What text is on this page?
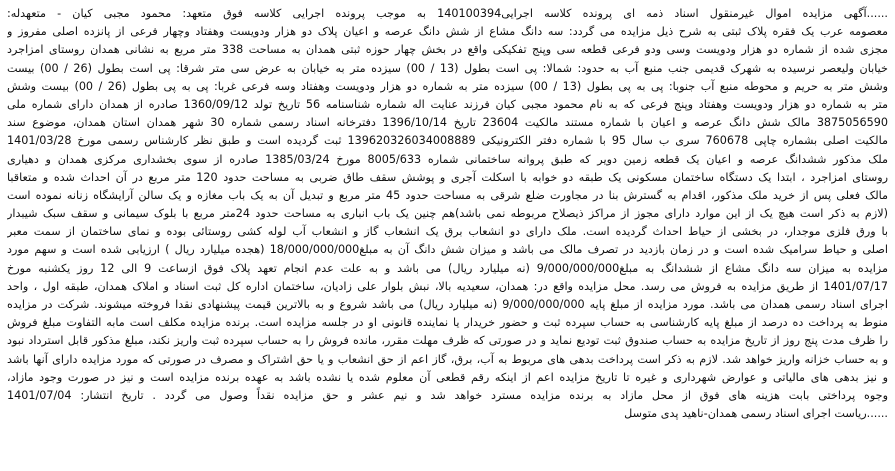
......آگهی مزایده اموال غیرمنقول اسناد ذمه ای پرونده کلاسه اجرایی140100394 به موجب پرونده اجرایی کلاسه فوق متعهد: محمود مجبی کیان - متعهدله:
معصومه عرب یک فقره پلاک ثبتی به شرح ذیل مزایده می گردد: سه دانگ مشاع از شش دانگ عرصه و اعیان پلاک دو هزار ودویست وهفتاد وچهار فرعی از پانزده اصلی مفروز و
مجزی شده از شماره دو هزار ودویست وسی ودو فرعی قطعه سی وپنج تفکیکی واقع در بخش چهار حوزه ثبتی همدان به مساحت 338 متر مربع به نشانی همدان روستای امزاجرد
خیابان ولیعصر نرسیده به شهرک قدیمی جنب منبع آب به حدود: شمالا: پی است بطول (13 / 00) سیزده متر به خیابان به عرض سی متر شرقا: پی است بطول (26 / 00) بیست
وشش متر به حریم و محوطه منبع آب جنوبا: پی به پی بطول (13 / 00) سیزده متر به شماره دو هزار ودویست وهفتاد وسه فرعی غربا: پی به پی بطول (26 / 00) بیست وشش
متر به شماره دو هزار ودویست وهفتاد وپنج فرعی که به نام محمود مجبی کیان فرزند عنایت اله شماره شناسنامه 56 تاریخ تولد 1360/09/12 صادره از همدان دارای شماره ملی
3875056590 مالک شش دانگ عرصه و اعیان با شماره مستند مالکیت 23604 تاریخ 1396/10/14 دفترخانه اسناد رسمی شماره 30 شهر همدان استان همدان، موضوع سند
مالکیت اصلی بشماره چاپی 760678 سری ب سال 95 با شماره دفتر الکترونیکی 139620326034008889 ثبت گردیده است و طبق نظر کارشناس رسمی مورخ 1401/03/28
ملک مذکور ششدانگ عرصه و اعیان یک قطعه زمین دویر که طبق پروانه ساختمانی شماره 8005/633 مورخ 1385/03/24 صادره از سوی بخشداری مرکزی همدان و دهیاری
روستای امزاجرد ، ابتدا یک دستگاه ساختمان مسکونی یک طبقه دو خوابه با اسکلت آجری و پوشش سقف طاق ضربی به مساحت حدود 120 متر مربع در آن احداث شده و متعاقبا
مالک فعلی پس از خرید ملک مذکور، اقدام به گسترش بنا در مجاورت ضلع شرقی به مساحت حدود 45 متر مربع و تبدیل آن به یک باب مغازه و یک سالن آرایشگاه زنانه نموده است
(لازم به ذکر است هیچ یک از این موارد دارای مجوز از مراکز ذیصلاح مربوطه نمی باشد)هم چنین یک باب انباری به مساحت حدود 24متر مربع با بلوک سیمانی و سقف سبک شیبدار
با ورق فلزی موجدار، در بخشی از حیاط احداث گردیده است. ملک دارای دو انشعاب برق یک انشعاب گاز و انشعاب آب لوله کشی روستائی بوده و نمای ساختمان از سمت معبر
اصلی و حیاط سرامیک شده است و در زمان بازدید در تصرف مالک می باشد و میزان شش دانگ آن به مبلغ18/000/000/000 (هجده میلیارد ریال ) ارزیابی شده است و سهم مورد
مزایده به میزان سه دانگ مشاع از ششدانگ به مبلغ9/000/000/000 (نه میلیارد ریال) می باشد و به علت عدم انجام تعهد پلاک فوق ازساعت 9 الی 12 روز یکشنبه مورخ
1401/07/17 از طریق مزایده به فروش می رسد. محل مزایده واقع در: همدان، سعیدیه بالا، نبش بلوار علی زادیان، ساختمان اداره کل ثبت اسناد و املاک همدان، طبقه اول ، واحد
اجرای اسناد رسمی همدان می باشد. مورد مزایده از مبلغ پایه 9/000/000/000 (نه میلیارد ریال) می باشد شروع و به بالاترین قیمت پیشنهادی نقدا فروخته میشوند. شرکت در مزایده
منوط به پرداخت ده درصد از مبلغ پایه کارشناسی به حساب سپرده ثبت و حضور خریدار یا نماینده قانونی او در جلسه مزایده است. برنده مزایده مکلف است مابه التفاوت مبلغ فروش
را ظرف مدت پنج روز از تاریخ مزایده به حساب صندوق ثبت تودیع نماید و در صورتی که ظرف مهلت مقرر، مانده فروش را به حساب سپرده ثبت واریز نکند، مبلغ مذکور قابل استرداد نبود
و به حساب خزانه واریز خواهد شد. لازم به ذکر است پرداخت بدهی های مربوط به آب، برق، گاز اعم از حق انشعاب و یا حق اشتراک و مصرف در صورتی که مورد مزایده دارای آنها باشد
و نیز بدهی های مالیاتی و عوارض شهرداری و غیره تا تاریخ مزایده اعم از اینکه رقم قطعی آن معلوم شده یا نشده باشد به عهده برنده مزایده است و نیز در صورت وجود مازاد،
وجوه پرداختی بابت هزینه های فوق از محل مازاد به برنده مزایده مسترد خواهد شد و نیم عشر و حق مزایده نقداً وصول می گردد . تاریخ انتشار: 1401/07/04
......ریاست اجرای اسناد رسمی همدان-ناهید پدی متوسل
